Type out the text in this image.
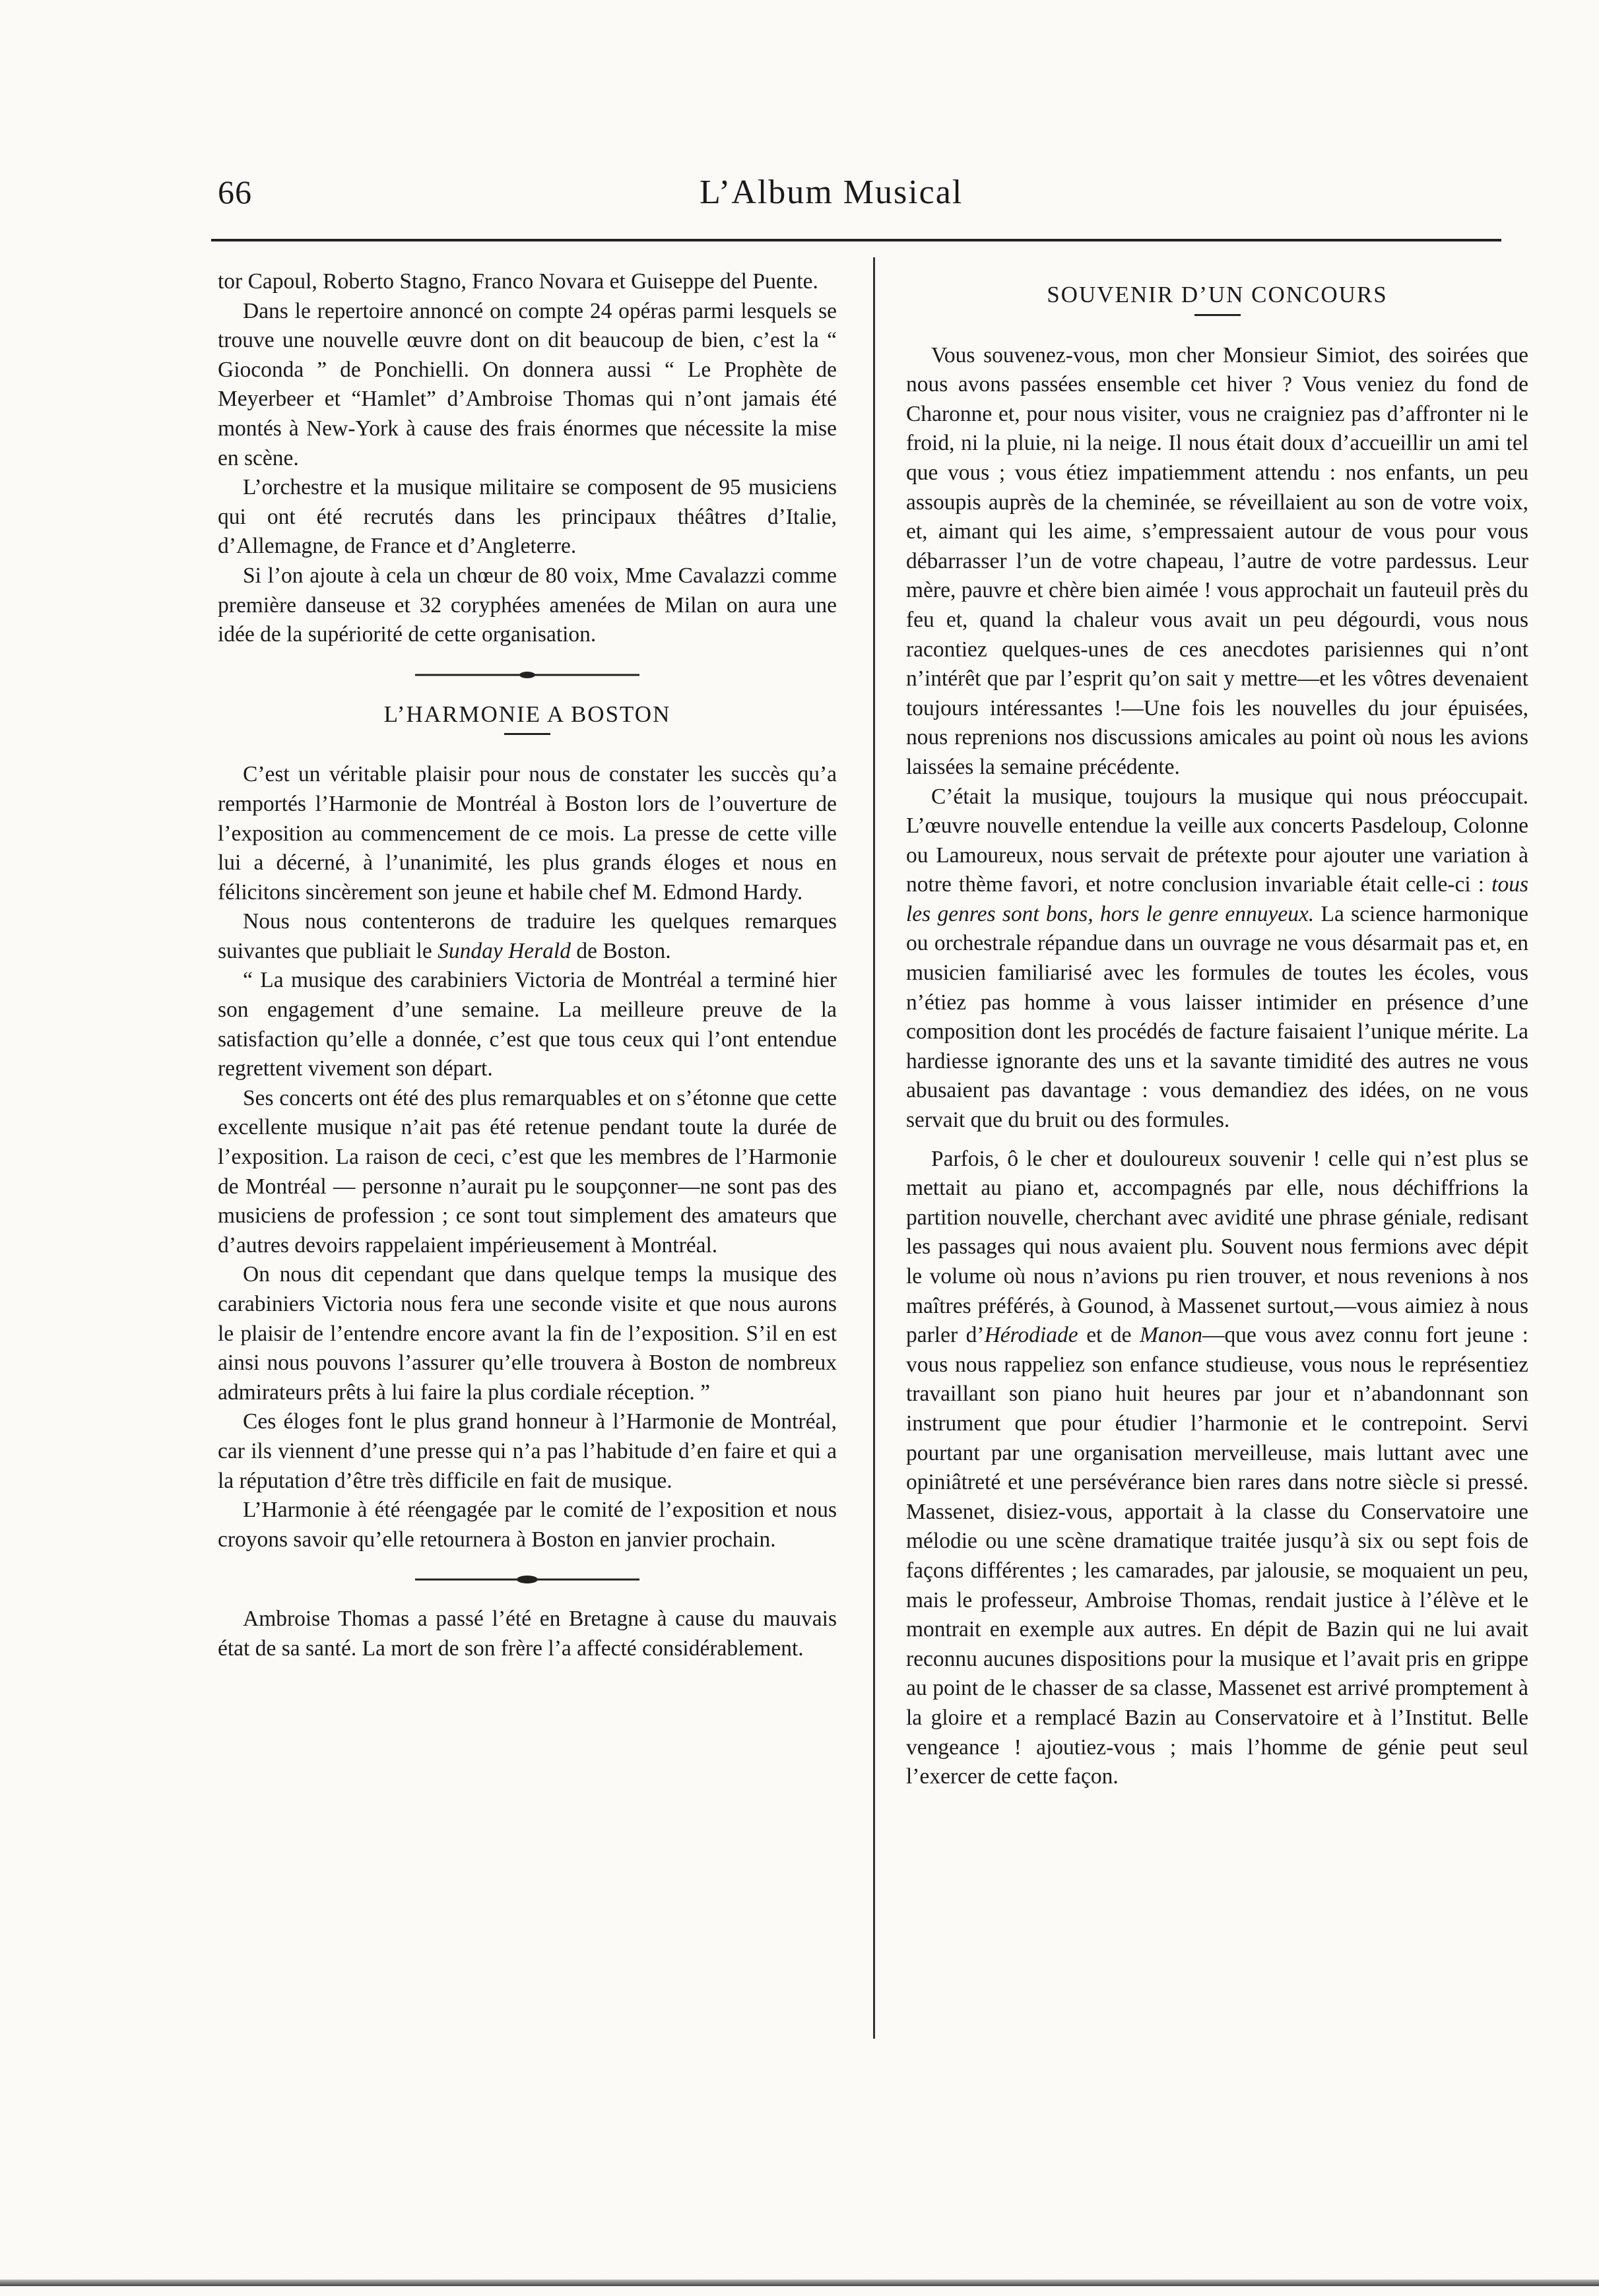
66	L’Album Musical

tor Capoul, Roberto Stagno, Franco Novara et Guiseppe del Puente.

Dans le repertoire annoncé on compte 24 opéras parmi lesquels se trouve une nouvelle œuvre dont on dit beaucoup de bien, c’est la “ Gioconda ” de Ponchielli. On donnera aussi “ Le Prophète de Meyerbeer et “Hamlet” d’Ambroise Thomas qui n’ont jamais été montés à New-York à cause des frais énormes que nécessite la mise en scène.

L’orchestre et la musique militaire se composent de 95 musiciens qui ont été recrutés dans les principaux théâtres d’Italie, d’Allemagne, de France et d’Angleterre.

Si l’on ajoute à cela un chœur de 80 voix, Mme Cavalazzi comme première danseuse et 32 coryphées amenées de Milan on aura une idée de la supériorité de cette organisation.

L’HARMONIE A BOSTON

C’est un véritable plaisir pour nous de constater les succès qu’a remportés l’Harmonie de Montréal à Boston lors de l’ouverture de l’exposition au commencement de ce mois. La presse de cette ville lui a décerné, à l’unanimité, les plus grands éloges et nous en félicitons sincèrement son jeune et habile chef M. Edmond Hardy.

Nous nous contenterons de traduire les quelques remarques suivantes que publiait le Sunday Herald de Boston.

“ La musique des carabiniers Victoria de Montréal a terminé hier son engagement d’une semaine. La meilleure preuve de la satisfaction qu’elle a donnée, c’est que tous ceux qui l’ont entendue regrettent vivement son départ.

Ses concerts ont été des plus remarquables et on s’étonne que cette excellente musique n’ait pas été retenue pendant toute la durée de l’exposition. La raison de ceci, c’est que les membres de l’Harmonie de Montréal — personne n’aurait pu le soupçonner—ne sont pas des musiciens de profession ; ce sont tout simplement des amateurs que d’autres devoirs rappelaient impérieusement à Montréal.

On nous dit cependant que dans quelque temps la musique des carabiniers Victoria nous fera une seconde visite et que nous aurons le plaisir de l’entendre encore avant la fin de l’exposition. S’il en est ainsi nous pouvons l’assurer qu’elle trouvera à Boston de nombreux admirateurs prêts à lui faire la plus cordiale réception. ”

Ces éloges font le plus grand honneur à l’Harmonie de Montréal, car ils viennent d’une presse qui n’a pas l’habitude d’en faire et qui a la réputation d’être très difficile en fait de musique.

L’Harmonie à été réengagée par le comité de l’exposition et nous croyons savoir qu’elle retournera à Boston en janvier prochain.

Ambroise Thomas a passé l’été en Bretagne à cause du mauvais état de sa santé. La mort de son frère l’a affecté considérablement.

SOUVENIR D’UN CONCOURS

Vous souvenez-vous, mon cher Monsieur Simiot, des soirées que nous avons passées ensemble cet hiver ? Vous veniez du fond de Charonne et, pour nous visiter, vous ne craigniez pas d’affronter ni le froid, ni la pluie, ni la neige. Il nous était doux d’accueillir un ami tel que vous ; vous étiez impatiemment attendu : nos enfants, un peu assoupis auprès de la cheminée, se réveillaient au son de votre voix, et, aimant qui les aime, s’empressaient autour de vous pour vous débarrasser l’un de votre chapeau, l’autre de votre pardessus. Leur mère, pauvre et chère bien aimée ! vous approchait un fauteuil près du feu et, quand la chaleur vous avait un peu dégourdi, vous nous racontiez quelques-unes de ces anecdotes parisiennes qui n’ont n’intérêt que par l’esprit qu’on sait y mettre—et les vôtres devenaient toujours intéressantes !—Une fois les nouvelles du jour épuisées, nous reprenions nos discussions amicales au point où nous les avions laissées la semaine précédente.

C’était la musique, toujours la musique qui nous préoccupait. L’œuvre nouvelle entendue la veille aux concerts Pasdeloup, Colonne ou Lamoureux, nous servait de prétexte pour ajouter une variation à notre thème favori, et notre conclusion invariable était celle-ci : tous les genres sont bons, hors le genre ennuyeux. La science harmonique ou orchestrale répandue dans un ouvrage ne vous désarmait pas et, en musicien familiarisé avec les formules de toutes les écoles, vous n’étiez pas homme à vous laisser intimider en présence d’une composition dont les procédés de facture faisaient l’unique mérite. La hardiesse ignorante des uns et la savante timidité des autres ne vous abusaient pas davantage : vous demandiez des idées, on ne vous servait que du bruit ou des formules.

Parfois, ô le cher et douloureux souvenir ! celle qui n’est plus se mettait au piano et, accompagnés par elle, nous déchiffrions la partition nouvelle, cherchant avec avidité une phrase géniale, redisant les passages qui nous avaient plu. Souvent nous fermions avec dépit le volume où nous n’avions pu rien trouver, et nous revenions à nos maîtres préférés, à Gounod, à Massenet surtout,—vous aimiez à nous parler d’Hérodiade et de Manon—que vous avez connu fort jeune : vous nous rappeliez son enfance studieuse, vous nous le représentiez travaillant son piano huit heures par jour et n’abandonnant son instrument que pour étudier l’harmonie et le contrepoint. Servi pourtant par une organisation merveilleuse, mais luttant avec une opiniâtreté et une persévérance bien rares dans notre siècle si pressé. Massenet, disiez-vous, apportait à la classe du Conservatoire une mélodie ou une scène dramatique traitée jusqu’à six ou sept fois de façons différentes ; les camarades, par jalousie, se moquaient un peu, mais le professeur, Ambroise Thomas, rendait justice à l’élève et le montrait en exemple aux autres. En dépit de Bazin qui ne lui avait reconnu aucunes dispositions pour la musique et l’avait pris en grippe au point de le chasser de sa classe, Massenet est arrivé promptement à la gloire et a remplacé Bazin au Conservatoire et à l’Institut. Belle vengeance ! ajoutiez-vous ; mais l’homme de génie peut seul l’exercer de cette façon.
